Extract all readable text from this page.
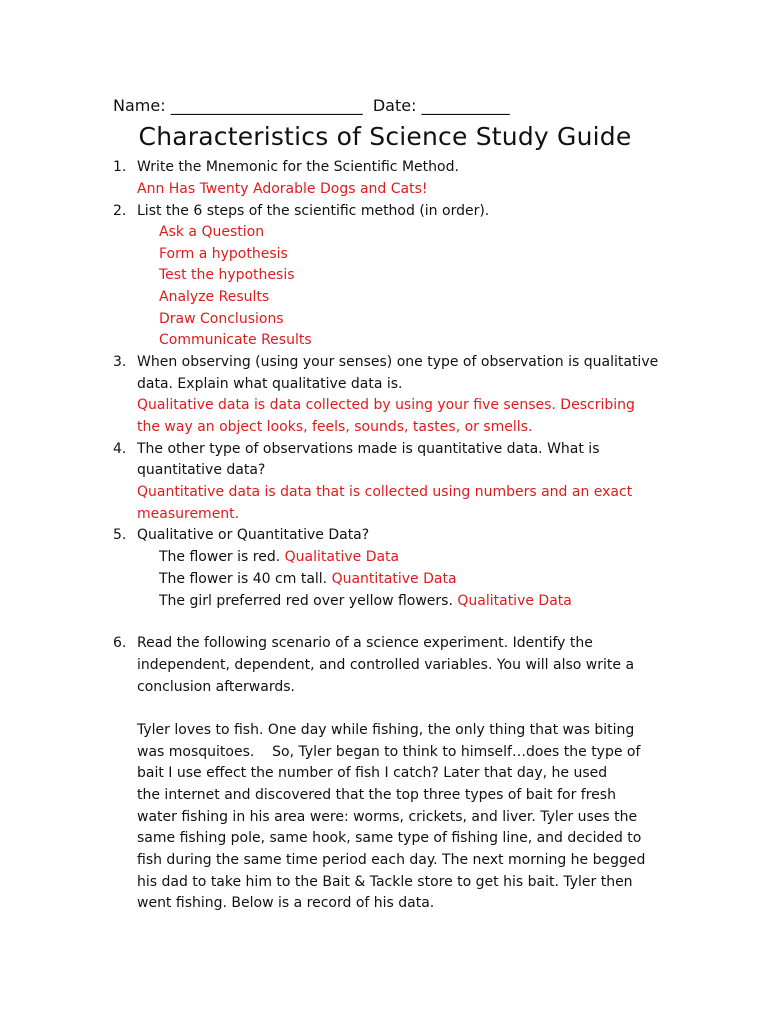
Name: ________________________ Date: ___________
Characteristics of Science Study Guide
1. Write the Mnemonic for the Scientific Method.
Ann Has Twenty Adorable Dogs and Cats!
2. List the 6 steps of the scientific method (in order).
Ask a Question
Form a hypothesis
Test the hypothesis
Analyze Results
Draw Conclusions
Communicate Results
3. When observing (using your senses) one type of observation is qualitative
data. Explain what qualitative data is.
Qualitative data is data collected by using your five senses. Describing
the way an object looks, feels, sounds, tastes, or smells.
4. The other type of observations made is quantitative data. What is
quantitative data?
Quantitative data is data that is collected using numbers and an exact
measurement.
5. Qualitative or Quantitative Data?
The flower is red. Qualitative Data
The flower is 40 cm tall. Quantitative Data
The girl preferred red over yellow flowers. Qualitative Data
6. Read the following scenario of a science experiment. Identify the
independent, dependent, and controlled variables. You will also write a
conclusion afterwards.
Tyler loves to fish. One day while fishing, the only thing that was biting
was mosquitoes.    So, Tyler began to think to himself…does the type of
bait I use effect the number of fish I catch? Later that day, he used
the internet and discovered that the top three types of bait for fresh
water fishing in his area were: worms, crickets, and liver. Tyler uses the
same fishing pole, same hook, same type of fishing line, and decided to
fish during the same time period each day. The next morning he begged
his dad to take him to the Bait & Tackle store to get his bait. Tyler then
went fishing. Below is a record of his data.
